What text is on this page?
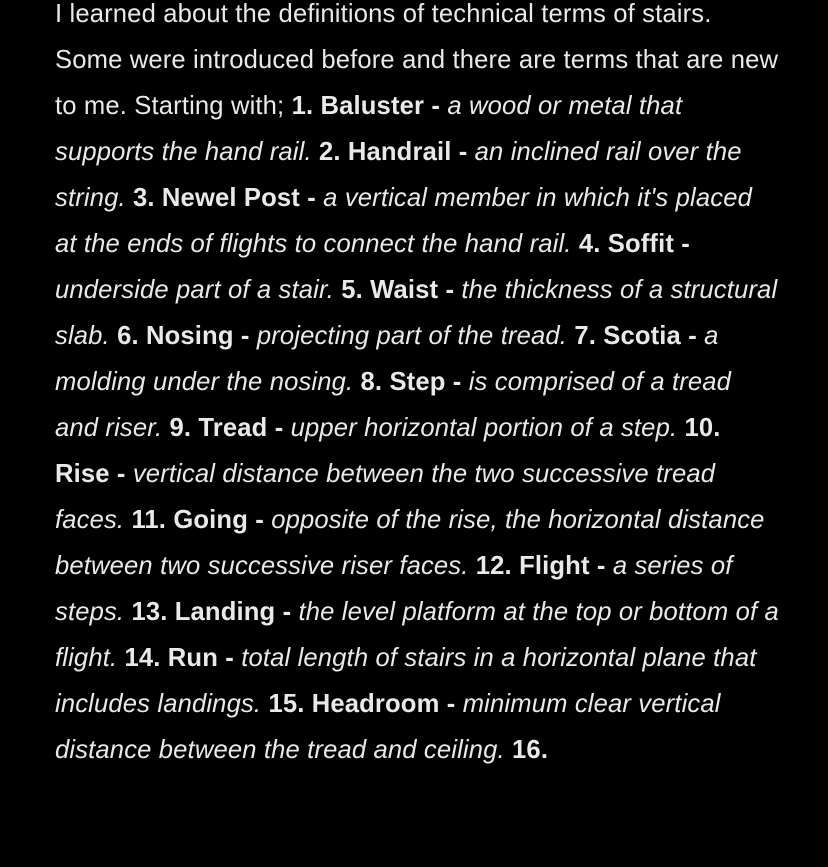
I learned about the definitions of technical terms of stairs. Some were introduced before and there are terms that are new to me. Starting with; 1. Baluster - a wood or metal that supports the hand rail. 2. Handrail - an inclined rail over the string. 3. Newel Post - a vertical member in which it's placed at the ends of flights to connect the hand rail. 4. Soffit - underside part of a stair. 5. Waist - the thickness of a structural slab. 6. Nosing - projecting part of the tread. 7. Scotia - a molding under the nosing. 8. Step - is comprised of a tread and riser. 9. Tread - upper horizontal portion of a step. 10. Rise - vertical distance between the two successive tread faces. 11. Going - opposite of the rise, the horizontal distance between two successive riser faces. 12. Flight - a series of steps. 13. Landing - the level platform at the top or bottom of a flight. 14. Run - total length of stairs in a horizontal plane that includes landings. 15. Headroom - minimum clear vertical distance between the tread and ceiling. 16.
